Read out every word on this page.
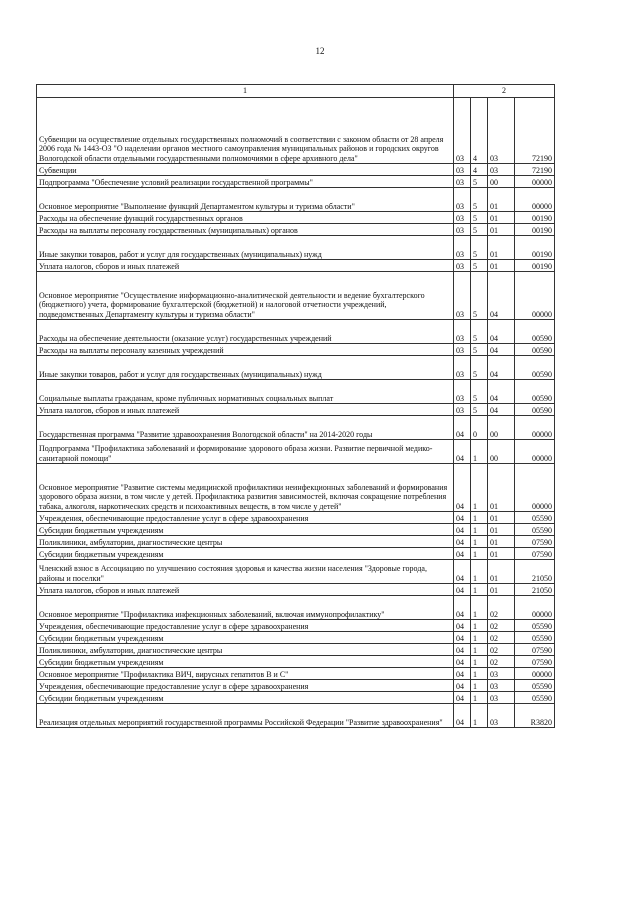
12
1	2			
Субвенции на осуществление отдельных государственных полномочий в соответствии с законом области от 28 апреля 2006 года № 1443-ОЗ "О наделении органов местного самоуправления муниципальных районов и городских округов Вологодской области отдельными государственными полномочиями в сфере архивного дела"	03	4	03	72190
Субвенции	03	4	03	72190
Подпрограмма "Обеспечение условий реализации государственной программы"	03	5	00	00000
Основное мероприятие "Выполнение функций Департаментом культуры и туризма области"	03	5	01	00000
Расходы на обеспечение функций государственных органов	03	5	01	00190
Расходы на выплаты персоналу государственных (муниципальных) органов	03	5	01	00190
Иные закупки товаров, работ и услуг для государственных (муниципальных) нужд	03	5	01	00190
Уплата налогов, сборов и иных платежей	03	5	01	00190
Основное мероприятие "Осуществление информационно-аналитической деятельности и ведение бухгалтерского (бюджетного) учета, формирование бухгалтерской (бюджетной) и налоговой отчетности учреждений, подведомственных Департаменту культуры и туризма области"	03	5	04	00000
Расходы на обеспечение деятельности (оказание услуг) государственных учреждений	03	5	04	00590
Расходы на выплаты персоналу казенных учреждений	03	5	04	00590
Иные закупки товаров, работ и услуг для государственных (муниципальных) нужд	03	5	04	00590
Социальные выплаты гражданам, кроме публичных нормативных социальных выплат	03	5	04	00590
Уплата налогов, сборов и иных платежей	03	5	04	00590
Государственная программа "Развитие здравоохранения Вологодской области" на 2014-2020 годы	04	0	00	00000
Подпрограмма "Профилактика заболеваний и формирование здорового образа жизни. Развитие первичной медико-санитарной помощи"	04	1	00	00000
Основное мероприятие "Развитие системы медицинской профилактики неинфекционных заболеваний и формирования здорового образа жизни, в том числе у детей. Профилактика развития зависимостей, включая сокращение потребления табака, алкоголя, наркотических средств и психоактивных веществ, в том числе у детей"	04	1	01	00000
Учреждения, обеспечивающие предоставление услуг в сфере здравоохранения	04	1	01	05590
Субсидии бюджетным учреждениям	04	1	01	05590
Поликлиники, амбулатории, диагностические центры	04	1	01	07590
Субсидии бюджетным учреждениям	04	1	01	07590
Членский взнос в Ассоциацию по улучшению состояния здоровья и качества жизни населения "Здоровые города, районы и поселки"	04	1	01	21050
Уплата налогов, сборов и иных платежей	04	1	01	21050
Основное мероприятие "Профилактика инфекционных заболеваний, включая иммунопрофилактику"	04	1	02	00000
Учреждения, обеспечивающие предоставление услуг в сфере здравоохранения	04	1	02	05590
Субсидии бюджетным учреждениям	04	1	02	05590
Поликлиники, амбулатории, диагностические центры	04	1	02	07590
Субсидии бюджетным учреждениям	04	1	02	07590
Основное мероприятие "Профилактика ВИЧ, вирусных гепатитов В и С"	04	1	03	00000
Учреждения, обеспечивающие предоставление услуг в сфере здравоохранения	04	1	03	05590
Субсидии бюджетным учреждениям	04	1	03	05590
Реализация отдельных мероприятий государственной программы Российской Федерации "Развитие здравоохранения"	04	1	03	R3820
